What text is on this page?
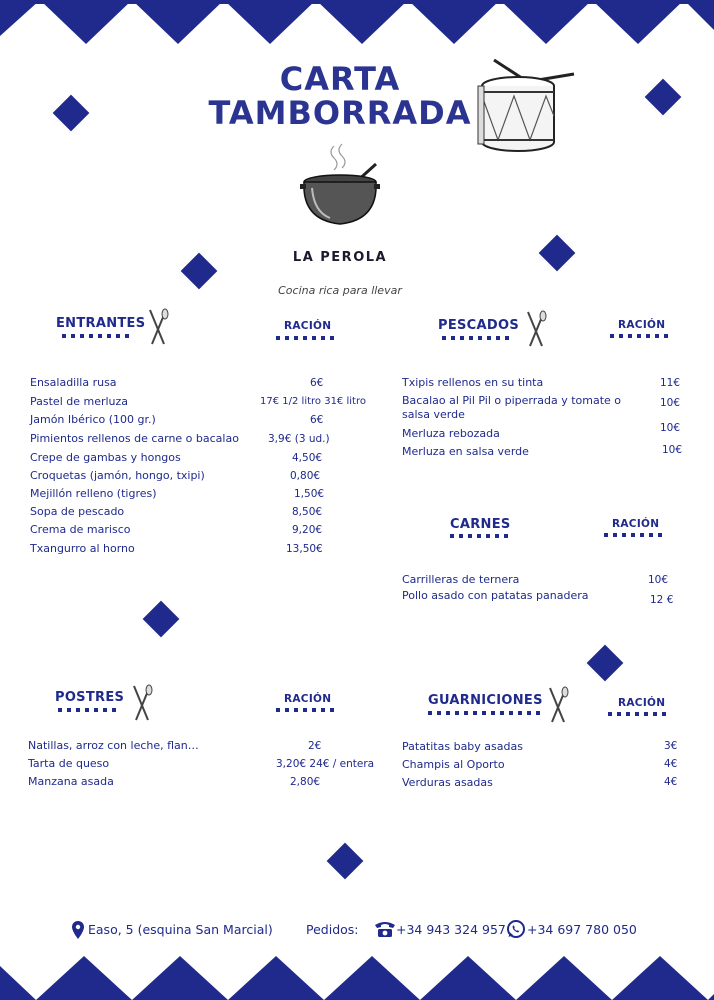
CARTA
TAMBORRADA
LA PEROLA
Cocina rica para llevar
ENTRANTES	RACIÓN
Ensaladilla rusa	6€
Pastel de merluza	17€ 1/2 litro 31€ litro
Jamón Ibérico (100 gr.)	6€
Pimientos rellenos de carne o bacalao	3,9€ (3 ud.)
Crepe de gambas y hongos	4,50€
Croquetas (jamón, hongo, txipi)	0,80€
Mejillón relleno (tigres)	1,50€
Sopa de pescado	8,50€
Crema de marisco	9,20€
Txangurro al horno	13,50€
PESCADOS	RACIÓN
Txipis rellenos en su tinta	11€
Bacalao al Pil Pil o piperrada y tomate o salsa verde
10€
Merluza rebozada	10€
Merluza en salsa verde	10€
CARNES	RACIÓN
Carrilleras de ternera	10€
Pollo asado con patatas panadera	12 €
POSTRES	RACIÓN
Natillas, arroz con leche, flan…	2€
Tarta de queso	3,20€ 24€ / entera
Manzana asada	2,80€
GUARNICIONES	RACIÓN
Patatitas baby asadas	3€
Champis al Oporto	4€
Verduras asadas	4€
Easo, 5 (esquina San Marcial)	Pedidos:	+34 943 324 957 +34 697 780 050
